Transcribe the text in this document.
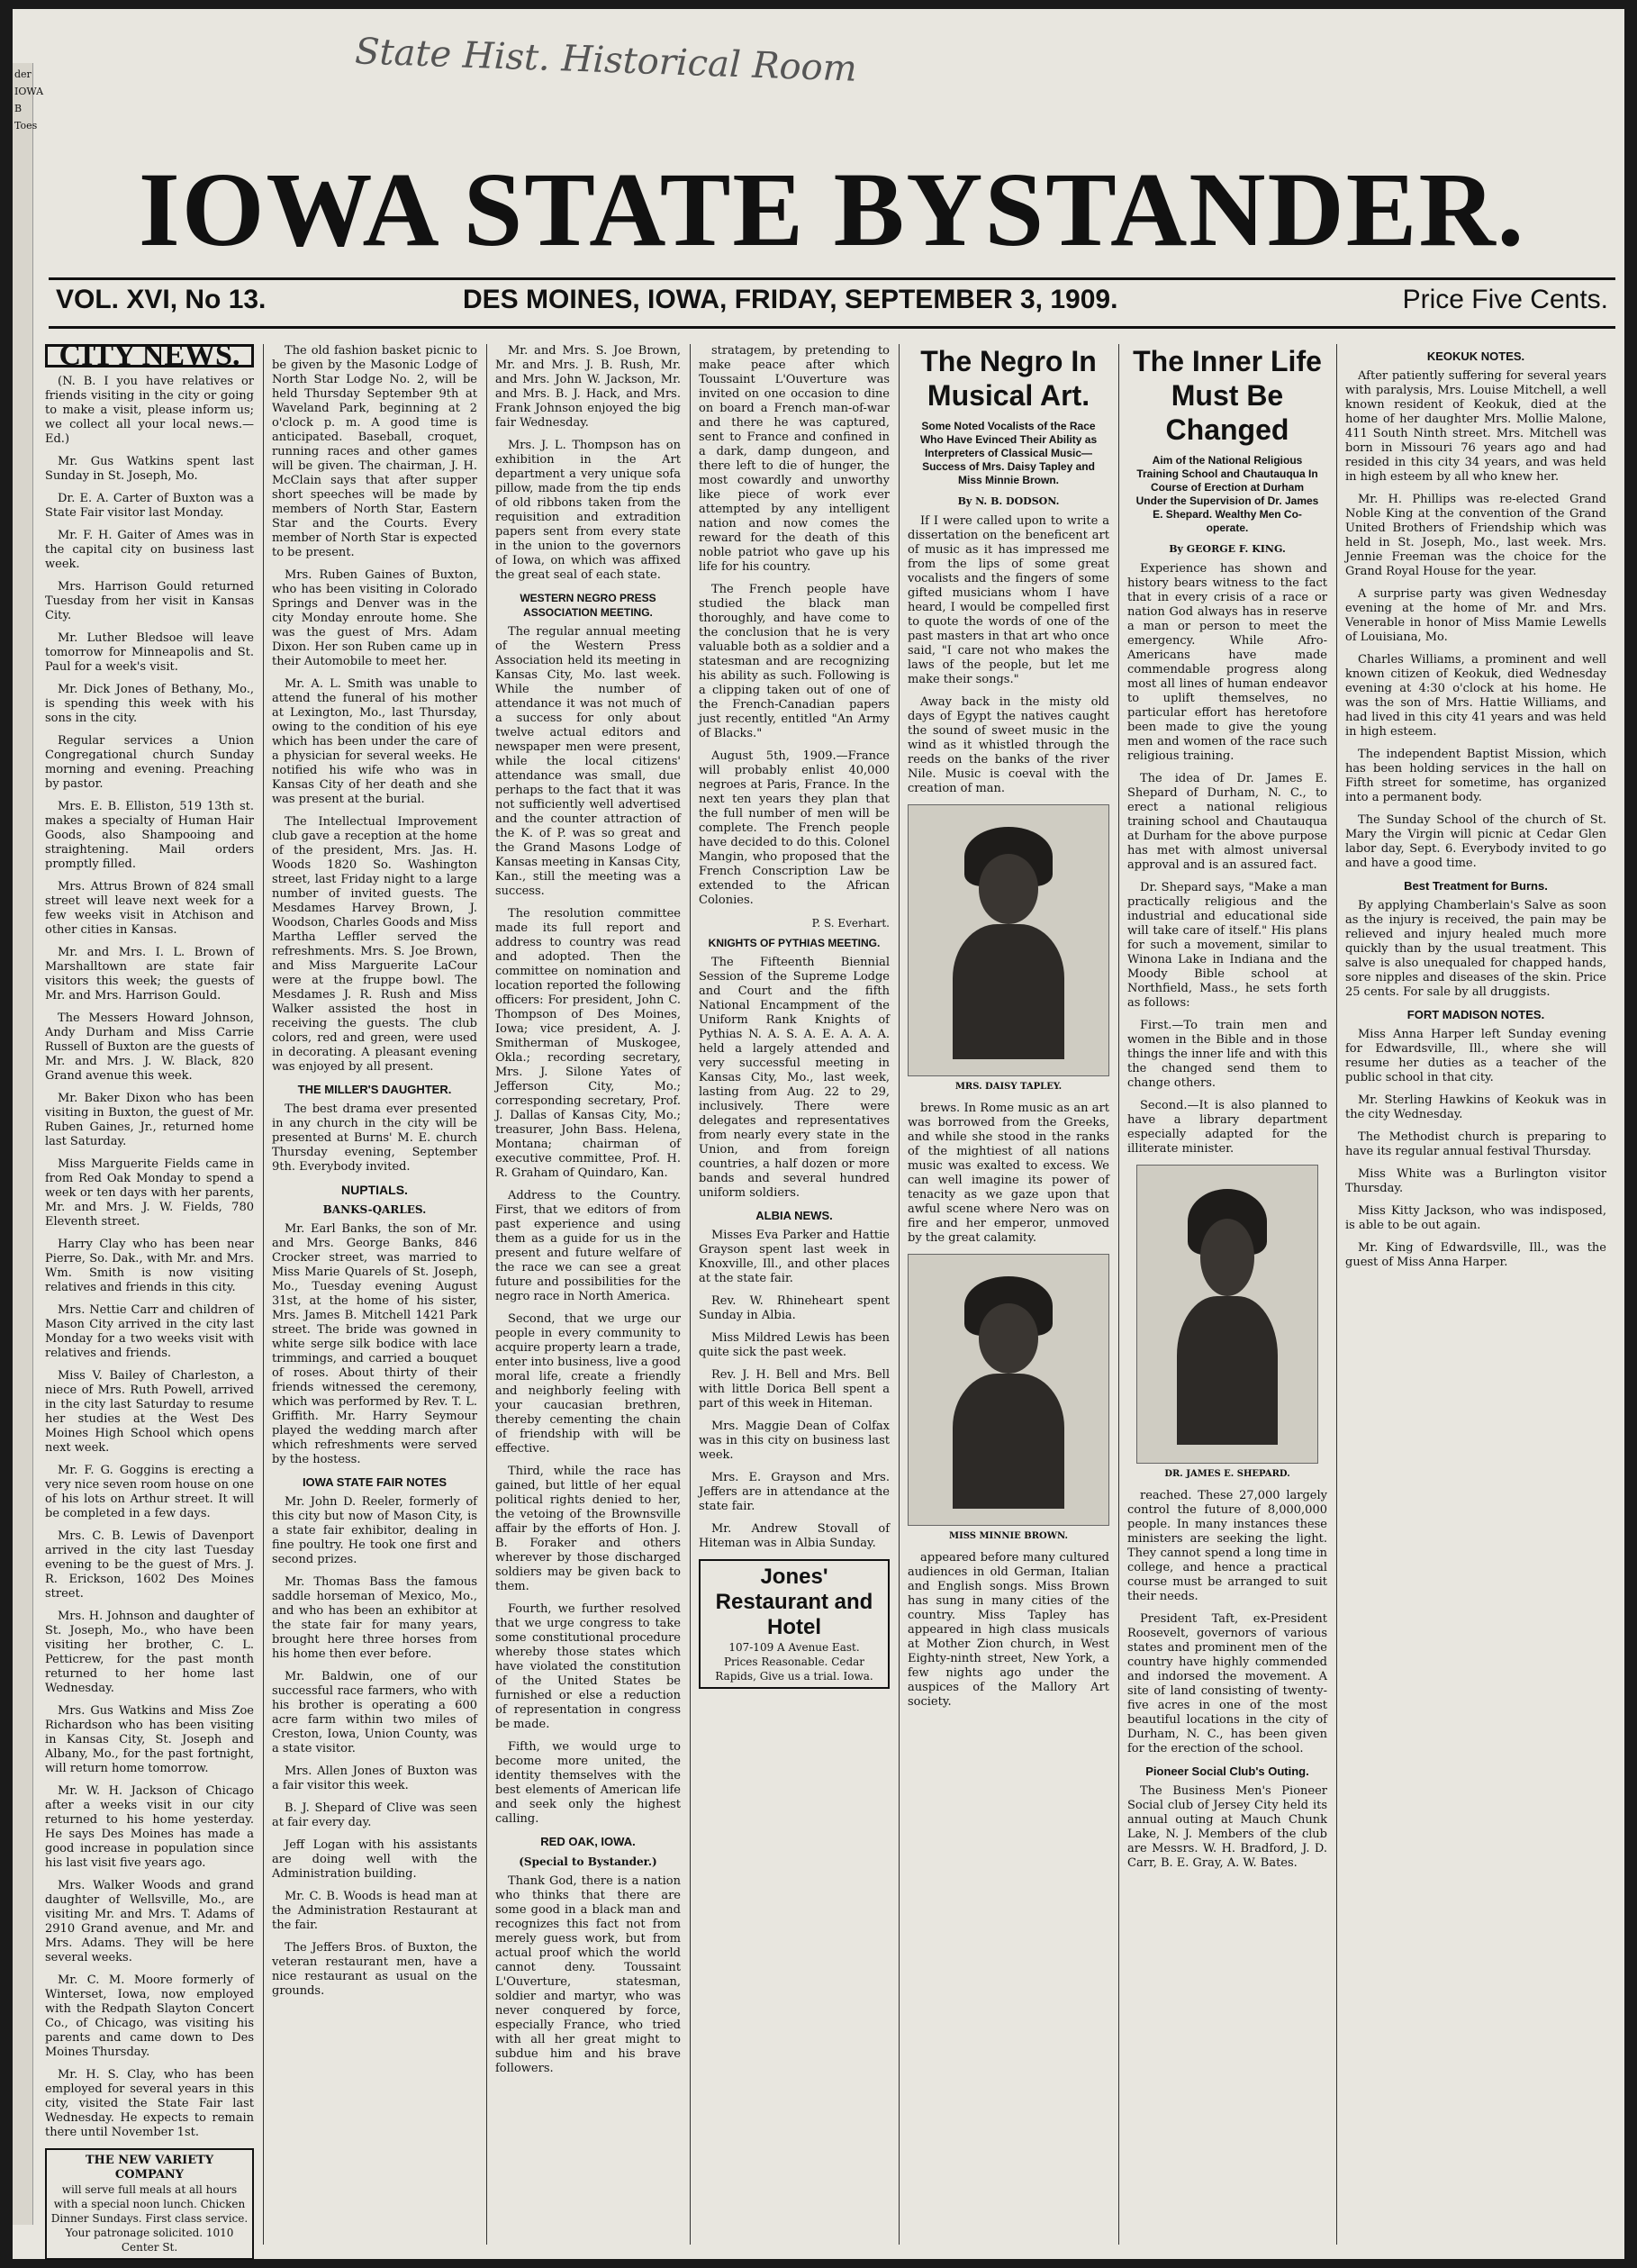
der
IOWA
B
Toes
State Hist. Historical Room
IOWA STATE BYSTANDER.
VOL. XVI, No 13.	DES MOINES, IOWA, FRIDAY, SEPTEMBER 3, 1909.	Price Five Cents.
CITY NEWS.

(N. B. I you have relatives or friends visiting in the city or going to make a visit, please inform us; we collect all your local news.—Ed.)

Mr. Gus Watkins spent last Sunday in St. Joseph, Mo.

Dr. E. A. Carter of Buxton was a State Fair visitor last Monday.

Mr. F. H. Gaiter of Ames was in the capital city on business last week.

Mrs. Harrison Gould returned Tuesday from her visit in Kansas City.

Mr. Luther Bledsoe will leave tomorrow for Minneapolis and St. Paul for a week's visit.

Mr. Dick Jones of Bethany, Mo., is spending this week with his sons in the city.

Regular services a Union Congregational church Sunday morning and evening. Preaching by pastor.

Mrs. E. B. Elliston, 519 13th st. makes a specialty of Human Hair Goods, also Shampooing and straightening. Mail orders promptly filled.

Mrs. Attrus Brown of 824 small street will leave next week for a few weeks visit in Atchison and other cities in Kansas.

Mr. and Mrs. I. L. Brown of Marshalltown are state fair visitors this week; the guests of Mr. and Mrs. Harrison Gould.

The Messers Howard Johnson, Andy Durham and Miss Carrie Russell of Buxton are the guests of Mr. and Mrs. J. W. Black, 820 Grand avenue this week.

Mr. Baker Dixon who has been visiting in Buxton, the guest of Mr. Ruben Gaines, Jr., returned home last Saturday.

Miss Marguerite Fields came in from Red Oak Monday to spend a week or ten days with her parents, Mr. and Mrs. J. W. Fields, 780 Eleventh street.

Harry Clay who has been near Pierre, So. Dak., with Mr. and Mrs. Wm. Smith is now visiting relatives and friends in this city.

Mrs. Nettie Carr and children of Mason City arrived in the city last Monday for a two weeks visit with relatives and friends.

Miss V. Bailey of Charleston, a niece of Mrs. Ruth Powell, arrived in the city last Saturday to resume her studies at the West Des Moines High School which opens next week.

Mr. F. G. Goggins is erecting a very nice seven room house on one of his lots on Arthur street. It will be completed in a few days.

Mrs. C. B. Lewis of Davenport arrived in the city last Tuesday evening to be the guest of Mrs. J. R. Erickson, 1602 Des Moines street.

Mrs. H. Johnson and daughter of St. Joseph, Mo., who have been visiting her brother, C. L. Petticrew, for the past month returned to her home last Wednesday.

Mrs. Gus Watkins and Miss Zoe Richardson who has been visiting in Kansas City, St. Joseph and Albany, Mo., for the past fortnight, will return home tomorrow.

Mr. W. H. Jackson of Chicago after a weeks visit in our city returned to his home yesterday. He says Des Moines has made a good increase in population since his last visit five years ago.

Mrs. Walker Woods and grand daughter of Wellsville, Mo., are visiting Mr. and Mrs. T. Adams of 2910 Grand avenue, and Mr. and Mrs. Adams. They will be here several weeks.

Mr. C. M. Moore formerly of Winterset, Iowa, now employed with the Redpath Slayton Concert Co., of Chicago, was visiting his parents and came down to Des Moines Thursday.

Mr. H. S. Clay, who has been employed for several years in this city, visited the State Fair last Wednesday. He expects to remain there until November 1st.

THE NEW VARIETY COMPANY
will serve full meals at all hours with a special noon lunch. Chicken Dinner Sundays. First class service. Your patronage solicited. 1010 Center St.

The old fashion basket picnic to be given by the Masonic Lodge of North Star Lodge No. 2, will be held Thursday September 9th at Waveland Park, beginning at 2 o'clock p. m. A good time is anticipated. Baseball, croquet, running races and other games will be given. The chairman, J. H. McClain says that after supper short speeches will be made by members of North Star, Eastern Star and the Courts. Every member of North Star is expected to be present.

Mrs. Ruben Gaines of Buxton, who has been visiting in Colorado Springs and Denver was in the city Monday enroute home. She was the guest of Mrs. Adam Dixon. Her son Ruben came up in their Automobile to meet her.

Mr. A. L. Smith was unable to attend the funeral of his mother at Lexington, Mo., last Thursday, owing to the condition of his eye which has been under the care of a physician for several weeks. He notified his wife who was in Kansas City of her death and she was present at the burial.

The Intellectual Improvement club gave a reception at the home of the president, Mrs. Jas. H. Woods 1820 So. Washington street, last Friday night to a large number of invited guests. The Mesdames Harvey Brown, J. Woodson, Charles Goods and Miss Martha Leffler served the refreshments. Mrs. S. Joe Brown, and Miss Marguerite LaCour were at the fruppe bowl. The Mesdames J. R. Rush and Miss Walker assisted the host in receiving the guests. The club colors, red and green, were used in decorating. A pleasant evening was enjoyed by all present.

THE MILLER'S DAUGHTER.

The best drama ever presented in any church in the city will be presented at Burns' M. E. church Thursday evening, September 9th. Everybody invited.

NUPTIALS.
BANKS-QARLES.

Mr. Earl Banks, the son of Mr. and Mrs. George Banks, 846 Crocker street, was married to Miss Marie Quarels of St. Joseph, Mo., Tuesday evening August 31st, at the home of his sister, Mrs. James B. Mitchell 1421 Park street. The bride was gowned in white serge silk bodice with lace trimmings, and carried a bouquet of roses. About thirty of their friends witnessed the ceremony, which was performed by Rev. T. L. Griffith. Mr. Harry Seymour played the wedding march after which refreshments were served by the hostess.

IOWA STATE FAIR NOTES

Mr. John D. Reeler, formerly of this city but now of Mason City, is a state fair exhibitor, dealing in fine poultry. He took one first and second prizes.

Mr. Thomas Bass the famous saddle horseman of Mexico, Mo., and who has been an exhibitor at the state fair for many years, brought here three horses from his home then ever before.

Mr. Baldwin, one of our successful race farmers, who with his brother is operating a 600 acre farm within two miles of Creston, Iowa, Union County, was a state visitor.

Mrs. Allen Jones of Buxton was a fair visitor this week.

B. J. Shepard of Clive was seen at fair every day.

Jeff Logan with his assistants are doing well with the Administration building.

Mr. C. B. Woods is head man at the Administration Restaurant at the fair.

The Jeffers Bros. of Buxton, the veteran restaurant men, have a nice restaurant as usual on the grounds.

Mr. and Mrs. S. Joe Brown, Mr. and Mrs. J. B. Rush, Mr. and Mrs. John W. Jackson, Mr. and Mrs. B. J. Hack, and Mrs. Frank Johnson enjoyed the big fair Wednesday.

Mrs. J. L. Thompson has on exhibition in the Art department a very unique sofa pillow, made from the tip ends of old ribbons taken from the requisition and extradition papers sent from every state in the union to the governors of Iowa, on which was affixed the great seal of each state.

WESTERN NEGRO PRESS ASSOCIATION MEETING.

The regular annual meeting of the Western Press Association held its meeting in Kansas City, Mo. last week. While the number of attendance it was not much of a success for only about twelve actual editors and newspaper men were present, while the local citizens' attendance was small, due perhaps to the fact that it was not sufficiently well advertised and the counter attraction of the K. of P. was so great and the Grand Masons Lodge of Kansas meeting in Kansas City, Kan., still the meeting was a success.

The resolution committee made its full report and address to country was read and adopted. Then the committee on nomination and location reported the following officers: For president, John C. Thompson of Des Moines, Iowa; vice president, A. J. Smitherman of Muskogee, Okla.; recording secretary, Mrs. J. Silone Yates of Jefferson City, Mo.; corresponding secretary, Prof. J. Dallas of Kansas City, Mo.; treasurer, John Bass. Helena, Montana; chairman of executive committee, Prof. H. R. Graham of Quindaro, Kan.

Address to the Country. First, that we editors of from past experience and using them as a guide for us in the present and future welfare of the race we can see a great future and possibilities for the negro race in North America.

Second, that we urge our people in every community to acquire property learn a trade, enter into business, live a good moral life, create a friendly and neighborly feeling with your caucasian brethren, thereby cementing the chain of friendship with will be effective.

Third, while the race has gained, but little of her equal political rights denied to her, the vetoing of the Brownsville affair by the efforts of Hon. J. B. Foraker and others wherever by those discharged soldiers may be given back to them.

Fourth, we further resolved that we urge congress to take some constitutional procedure whereby those states which have violated the constitution of the United States be furnished or else a reduction of representation in congress be made.

Fifth, we would urge to become more united, the identity themselves with the best elements of American life and seek only the highest calling.

RED OAK, IOWA.
(Special to Bystander.)

Thank God, there is a nation who thinks that there are some good in a black man and recognizes this fact not from merely guess work, but from actual proof which the world cannot deny. Toussaint L'Ouverture, statesman, soldier and martyr, who was never conquered by force, especially France, who tried with all her great might to subdue him and his brave followers.

stratagem, by pretending to make peace after which Toussaint L'Ouverture was invited on one occasion to dine on board a French man-of-war and there he was captured, sent to France and confined in a dark, damp dungeon, and there left to die of hunger, the most cowardly and unworthy like piece of work ever attempted by any intelligent nation and now comes the reward for the death of this noble patriot who gave up his life for his country.

The French people have studied the black man thoroughly, and have come to the conclusion that he is very valuable both as a soldier and a statesman and are recognizing his ability as such. Following is a clipping taken out of one of the French-Canadian papers just recently, entitled "An Army of Blacks."

August 5th, 1909.—France will probably enlist 40,000 negroes at Paris, France. In the next ten years they plan that the full number of men will be complete. The French people have decided to do this. Colonel Mangin, who proposed that the French Conscription Law be extended to the African Colonies.

P. S. Everhart.
KNIGHTS OF PYTHIAS MEETING.

The Fifteenth Biennial Session of the Supreme Lodge and Court and the fifth National Encampment of the Uniform Rank Knights of Pythias N. A. S. A. E. A. A. A. held a largely attended and very successful meeting in Kansas City, Mo., last week, lasting from Aug. 22 to 29, inclusively. There were delegates and representatives from nearly every state in the Union, and from foreign countries, a half dozen or more bands and several hundred uniform soldiers.

ALBIA NEWS.

Misses Eva Parker and Hattie Grayson spent last week in Knoxville, Ill., and other places at the state fair.

Rev. W. Rhineheart spent Sunday in Albia.

Miss Mildred Lewis has been quite sick the past week.

Rev. J. H. Bell and Mrs. Bell with little Dorica Bell spent a part of this week in Hiteman.

Mrs. Maggie Dean of Colfax was in this city on business last week.

Mrs. E. Grayson and Mrs. Jeffers are in attendance at the state fair.

Mr. Andrew Stovall of Hiteman was in Albia Sunday.

Jones' Restaurant and Hotel
107-109 A Avenue East.
Prices Reasonable. Cedar Rapids, Give us a trial. Iowa.
The Negro In Musical Art.
Some Noted Vocalists of the Race Who Have Evinced Their Ability as Interpreters of Classical Music—Success of Mrs. Daisy Tapley and Miss Minnie Brown.
By N. B. DODSON.

If I were called upon to write a dissertation on the beneficent art of music as it has impressed me from the lips of some great vocalists and the fingers of some gifted musicians whom I have heard, I would be compelled first to quote the words of one of the past masters in that art who once said, "I care not who makes the laws of the people, but let me make their songs."

Away back in the misty old days of Egypt the natives caught the sound of sweet music in the wind as it whistled through the reeds on the banks of the river Nile. Music is coeval with the creation of man.

MRS. DAISY TAPLEY.

brews. In Rome music as an art was borrowed from the Greeks, and while she stood in the ranks of the mightiest of all nations music was exalted to excess. We can well imagine its power of tenacity as we gaze upon that awful scene where Nero was on fire and her emperor, unmoved by the great calamity.

MISS MINNIE BROWN.

appeared before many cultured audiences in old German, Italian and English songs. Miss Brown has sung in many cities of the country. Miss Tapley has appeared in high class musicals at Mother Zion church, in West Eighty-ninth street, New York, a few nights ago under the auspices of the Mallory Art society.

The Inner Life Must Be Changed
Aim of the National Religious Training School and Chautauqua In Course of Erection at Durham Under the Supervision of Dr. James E. Shepard. Wealthy Men Co-operate.
By GEORGE F. KING.

Experience has shown and history bears witness to the fact that in every crisis of a race or nation God always has in reserve a man or person to meet the emergency. While Afro-Americans have made commendable progress along most all lines of human endeavor to uplift themselves, no particular effort has heretofore been made to give the young men and women of the race such religious training.

The idea of Dr. James E. Shepard of Durham, N. C., to erect a national religious training school and Chautauqua at Durham for the above purpose has met with almost universal approval and is an assured fact.

Dr. Shepard says, "Make a man practically religious and the industrial and educational side will take care of itself." His plans for such a movement, similar to Winona Lake in Indiana and the Moody Bible school at Northfield, Mass., he sets forth as follows:

First.—To train men and women in the Bible and in those things the inner life and with this the changed send them to change others.

Second.—It is also planned to have a library department especially adapted for the illiterate minister.

DR. JAMES E. SHEPARD.

reached. These 27,000 largely control the future of 8,000,000 people. In many instances these ministers are seeking the light. They cannot spend a long time in college, and hence a practical course must be arranged to suit their needs.

President Taft, ex-President Roosevelt, governors of various states and prominent men of the country have highly commended and indorsed the movement. A site of land consisting of twenty-five acres in one of the most beautiful locations in the city of Durham, N. C., has been given for the erection of the school.

Pioneer Social Club's Outing.

The Business Men's Pioneer Social club of Jersey City held its annual outing at Mauch Chunk Lake, N. J. Members of the club are Messrs. W. H. Bradford, J. D. Carr, B. E. Gray, A. W. Bates.

KEOKUK NOTES.

After patiently suffering for several years with paralysis, Mrs. Louise Mitchell, a well known resident of Keokuk, died at the home of her daughter Mrs. Mollie Malone, 411 South Ninth street. Mrs. Mitchell was born in Missouri 76 years ago and had resided in this city 34 years, and was held in high esteem by all who knew her.

Mr. H. Phillips was re-elected Grand Noble King at the convention of the Grand United Brothers of Friendship which was held in St. Joseph, Mo., last week. Mrs. Jennie Freeman was the choice for the Grand Royal House for the year.

A surprise party was given Wednesday evening at the home of Mr. and Mrs. Venerable in honor of Miss Mamie Lewells of Louisiana, Mo.

Charles Williams, a prominent and well known citizen of Keokuk, died Wednesday evening at 4:30 o'clock at his home. He was the son of Mrs. Hattie Williams, and had lived in this city 41 years and was held in high esteem.

The independent Baptist Mission, which has been holding services in the hall on Fifth street for sometime, has organized into a permanent body.

The Sunday School of the church of St. Mary the Virgin will picnic at Cedar Glen labor day, Sept. 6. Everybody invited to go and have a good time.

Best Treatment for Burns.

By applying Chamberlain's Salve as soon as the injury is received, the pain may be relieved and injury healed much more quickly than by the usual treatment. This salve is also unequaled for chapped hands, sore nipples and diseases of the skin. Price 25 cents. For sale by all druggists.

FORT MADISON NOTES.

Miss Anna Harper left Sunday evening for Edwardsville, Ill., where she will resume her duties as a teacher of the public school in that city.

Mr. Sterling Hawkins of Keokuk was in the city Wednesday.

The Methodist church is preparing to have its regular annual festival Thursday.

Miss White was a Burlington visitor Thursday.

Miss Kitty Jackson, who was indisposed, is able to be out again.

Mr. King of Edwardsville, Ill., was the guest of Miss Anna Harper.
